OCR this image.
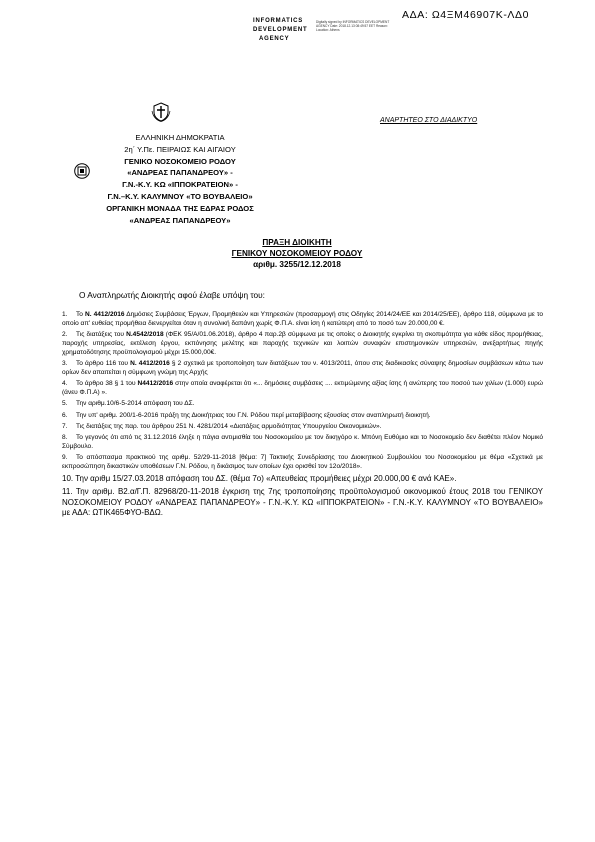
ΑΔΑ: Ω4ΞΜ46907Κ-ΛΔ0
INFORMATICS
DEVELOPMENT
AGENCY
Digitally signed by INFORMATICS DEVELOPMENT AGENCY Date: 2018.12.13 08:49:57 EET Reason: Location: Athens
ΑΝΑΡΤΗΤΕΟ ΣΤΟ ΔΙΑΔΙΚΤΥΟ
ΕΛΛΗΝΙΚΗ ΔΗΜΟΚΡΑΤΙΑ
2η΄ Υ.Πε. ΠΕΙΡΑΙΩΣ ΚΑΙ ΑΙΓΑΙΟΥ
ΓΕΝΙΚΟ ΝΟΣΟΚΟΜΕΙΟ ΡΟΔΟΥ
«ΑΝΔΡΕΑΣ ΠΑΠΑΝΔΡΕΟΥ» -
Γ.Ν.-Κ.Υ. ΚΩ «ΙΠΠΟΚΡΑΤΕΙΟΝ» -
Γ.Ν.–Κ.Υ. ΚΑΛΥΜΝΟΥ «ΤΟ ΒΟΥΒΑΛΕΙΟ»
ΟΡΓΑΝΙΚΗ ΜΟΝΑΔΑ ΤΗΣ ΕΔΡΑΣ ΡΟΔΟΣ
«ΑΝΔΡΕΑΣ ΠΑΠΑΝΔΡΕΟΥ»
ΠΡΑΞΗ ΔΙΟΙΚΗΤΗ
ΓΕΝΙΚΟΥ ΝΟΣΟΚΟΜΕΙΟΥ ΡΟΔΟΥ
αριθμ. 3255/12.12.2018
Ο Αναπληρωτής Διοικητής αφού έλαβε υπόψη του:
1. Το Ν. 4412/2016 Δημόσιες Συμβάσεις Έργων, Προμηθειών και Υπηρεσιών (προσαρμογή στις Οδηγίες 2014/24/ΕΕ και 2014/25/ΕΕ), άρθρο 118, σύμφωνα με το οποίο απ' ευθείας προμήθεια διενεργείται όταν η συνολική δαπάνη χωρίς Φ.Π.Α. είναι ίση ή κατώτερη από το ποσό των 20.000,00 €.
2. Τις διατάξεις του Ν.4542/2018 (ΦΕΚ 95/Α/01.06.2018), άρθρο 4 παρ.2β σύμφωνα με τις οποίες ο Διοικητής εγκρίνει τη σκοπιμότητα για κάθε είδος προμήθειας, παροχής υπηρεσίας, εκτέλεση έργου, εκπόνησης μελέτης και παροχής τεχνικών και λοιπών συναφών επιστημονικών υπηρεσιών, ανεξαρτήτως πηγής χρηματοδότησης προϋπολογισμού μέχρι 15.000,00€.
3. Το άρθρο 116 του Ν. 4412/2016 § 2 σχετικά με τροποποίηση των διατάξεων του ν. 4013/2011, όπου στις διαδικασίες σύναψης δημοσίων συμβάσεων κάτω των ορίων δεν απαιτείται η σύμφωνη γνώμη της Αρχής
4. Το άρθρο 38 § 1 του Ν4412/2016 στην οποία αναφέρεται ότι «... δημόσιες συμβάσεις .... εκτιμώμενης αξίας ίσης ή ανώτερης του ποσού των χιλίων (1.000) ευρώ (άνευ Φ.Π.Α) ».
5. Την αριθμ.10/6-5-2014 απόφαση του ΔΣ.
6. Την υπ' αριθμ. 200/1-6-2016 πράξη της Διοικήτριας του Γ.Ν. Ρόδου περί μεταβίβασης εξουσίας στον αναπληρωτή διοικητή.
7. Τις διατάξεις της παρ. του άρθρου 251 Ν. 4281/2014 «Διατάξεις αρμοδιότητας Υπουργείου Οικονομικών».
8. Το γεγονός ότι από τις 31.12.2016 έληξε η πάγια αντιμισθία του Νοσοκομείου με τον δικηγόρο κ. Μπόνη Ευθύμιο και το Νοσοκομείο δεν διαθέτει πλέον Νομικό Σύμβουλο.
9. Το απόσπασμα πρακτικού της αριθμ. 52/29-11-2018 [θέμα: 7] Τακτικής Συνεδρίασης του Διοικητικού Συμβουλίου του Νοσοκομείου με θέμα «Σχετικά με εκπροσώπηση δικαστικών υποθέσεων Γ.Ν. Ρόδου, η δικάσιμος των οποίων έχει ορισθεί τον 12ο/2018».
10. Την αριθμ 15/27.03.2018 απόφαση του ΔΣ. (θέμα 7ο) «Απευθείας προμήθειες μέχρι 20.000,00 € ανά ΚΑΕ».
11. Την αριθμ. Β2.α/Γ.Π. 82968/20-11-2018 έγκριση της 7ης τροποποίησης προϋπολογισμού οικονομικού έτους 2018 του ΓΕΝΙΚΟΥ ΝΟΣΟΚΟΜΕΙΟΥ ΡΟΔΟΥ «ΑΝΔΡΕΑΣ ΠΑΠΑΝΔΡΕΟΥ» - Γ.Ν.-Κ.Υ. ΚΩ «ΙΠΠΟΚΡΑΤΕΙΟΝ» - Γ.Ν.-Κ.Υ. ΚΑΛΥΜΝΟΥ «ΤΟ ΒΟΥΒΑΛΕΙΟ» με ΑΔΑ: ΩΤΙΚ465ΦΥΟ-ΒΔΩ.
